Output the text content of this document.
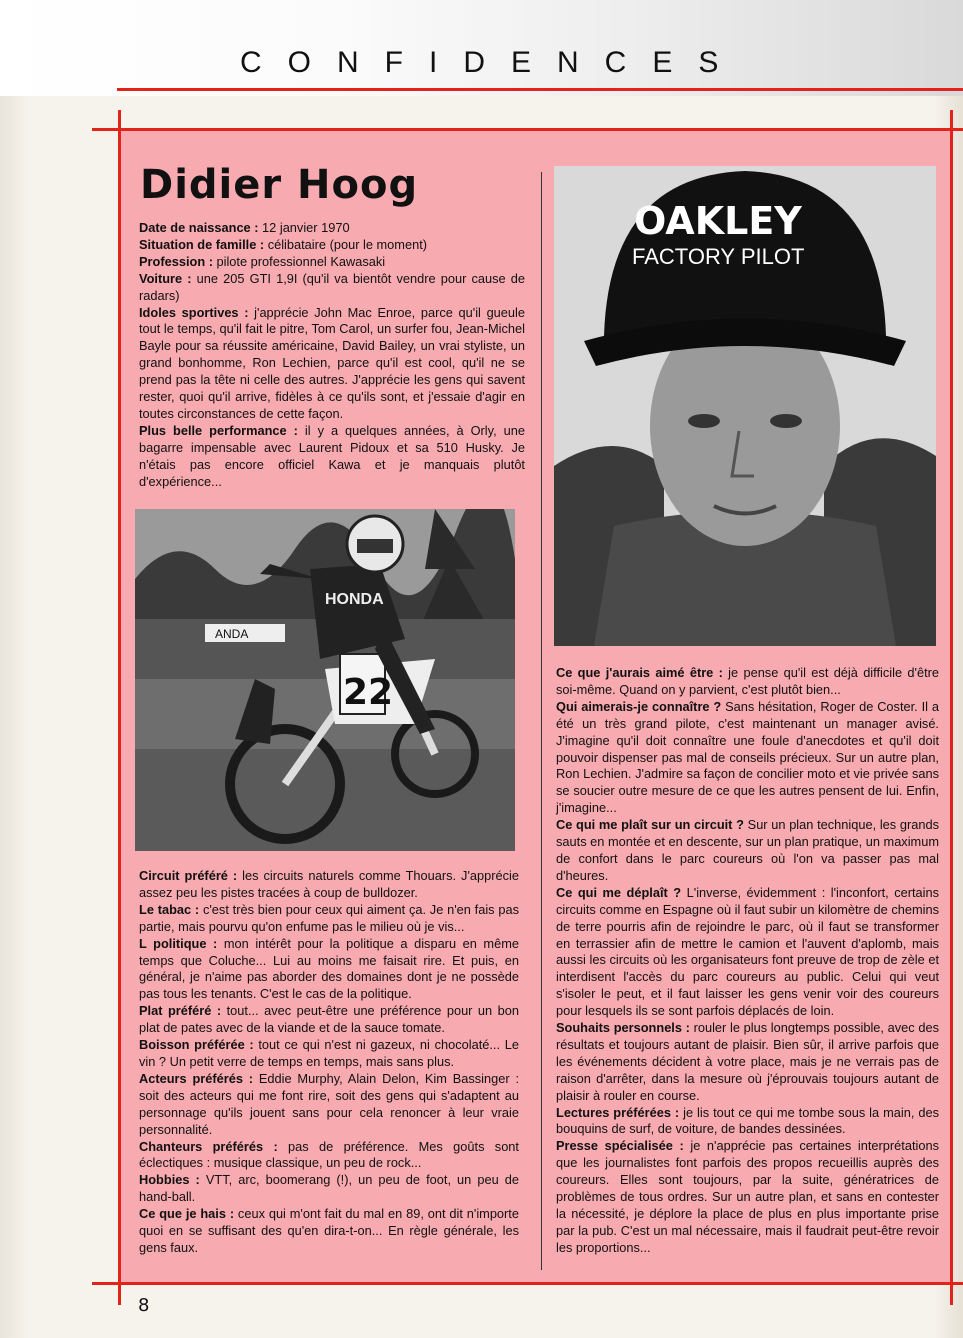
CONFIDENCES
Didier Hoog

Date de naissance : 12 janvier 1970

Situation de famille : célibataire (pour le moment)

Profession : pilote professionnel Kawasaki

Voiture : une 205 GTI 1,9I (qu'il va bientôt vendre pour cause de radars)

Idoles sportives : j'apprécie John Mac Enroe, parce qu'il gueule tout le temps, qu'il fait le pitre, Tom Carol, un surfer fou, Jean-Michel Bayle pour sa réussite américaine, David Bailey, un vrai styliste, un grand bonhomme, Ron Lechien, parce qu'il est cool, qu'il ne se prend pas la tête ni celle des autres. J'apprécie les gens qui savent rester, quoi qu'il arrive, fidèles à ce qu'ils sont, et j'essaie d'agir en toutes circonstances de cette façon.

Plus belle performance : il y a quelques années, à Orly, une bagarre impensable avec Laurent Pidoux et sa 510 Husky. Je n'étais pas encore officiel Kawa et je manquais plutôt d'expérience...

ANDA
22
HONDA

Circuit préféré : les circuits naturels comme Thouars. J'apprécie assez peu les pistes tracées à coup de bulldozer.

Le tabac : c'est très bien pour ceux qui aiment ça. Je n'en fais pas partie, mais pourvu qu'on enfume pas le milieu où je vis...

L politique : mon intérêt pour la politique a disparu en même temps que Coluche... Lui au moins me faisait rire. Et puis, en général, je n'aime pas aborder des domaines dont je ne possède pas tous les tenants. C'est le cas de la politique.

Plat préféré : tout... avec peut-être une préférence pour un bon plat de pates avec de la viande et de la sauce tomate.

Boisson préférée : tout ce qui n'est ni gazeux, ni chocolaté... Le vin ? Un petit verre de temps en temps, mais sans plus.

Acteurs préférés : Eddie Murphy, Alain Delon, Kim Bassinger : soit des acteurs qui me font rire, soit des gens qui s'adaptent au personnage qu'ils jouent sans pour cela renoncer à leur vraie personnalité.

Chanteurs préférés : pas de préférence. Mes goûts sont éclectiques : musique classique, un peu de rock...

Hobbies : VTT, arc, boomerang (!), un peu de foot, un peu de hand-ball.

Ce que je hais : ceux qui m'ont fait du mal en 89, ont dit n'importe quoi en se suffisant des qu'en dira-t-on... En règle générale, les gens faux.

OAKLEY
FACTORY PILOT

Ce que j'aurais aimé être : je pense qu'il est déjà difficile d'être soi-même. Quand on y parvient, c'est plutôt bien...

Qui aimerais-je connaître ? Sans hésitation, Roger de Coster. Il a été un très grand pilote, c'est maintenant un manager avisé. J'imagine qu'il doit connaître une foule d'anecdotes et qu'il doit pouvoir dispenser pas mal de conseils précieux. Sur un autre plan, Ron Lechien. J'admire sa façon de concilier moto et vie privée sans se soucier outre mesure de ce que les autres pensent de lui. Enfin, j'imagine...

Ce qui me plaît sur un circuit ? Sur un plan technique, les grands sauts en montée et en descente, sur un plan pratique, un maximum de confort dans le parc coureurs où l'on va passer pas mal d'heures.

Ce qui me déplaît ? L'inverse, évidemment : l'inconfort, certains circuits comme en Espagne où il faut subir un kilomètre de chemins de terre pourris afin de rejoindre le parc, où il faut se transformer en terrassier afin de mettre le camion et l'auvent d'aplomb, mais aussi les circuits où les organisateurs font preuve de trop de zèle et interdisent l'accès du parc coureurs au public. Celui qui veut s'isoler le peut, et il faut laisser les gens venir voir des coureurs pour lesquels ils se sont parfois déplacés de loin.

Souhaits personnels : rouler le plus longtemps possible, avec des résultats et toujours autant de plaisir. Bien sûr, il arrive parfois que les événements décident à votre place, mais je ne verrais pas de raison d'arrêter, dans la mesure où j'éprouvais toujours autant de plaisir à rouler en course.

Lectures préférées : je lis tout ce qui me tombe sous la main, des bouquins de surf, de voiture, de bandes dessinées.

Presse spécialisée : je n'apprécie pas certaines interprétations que les journalistes font parfois des propos recueillis auprès des coureurs. Elles sont toujours, par la suite, génératrices de problèmes de tous ordres. Sur un autre plan, et sans en contester la nécessité, je déplore la place de plus en plus importante prise par la pub. C'est un mal nécessaire, mais il faudrait peut-être revoir les proportions...

8
